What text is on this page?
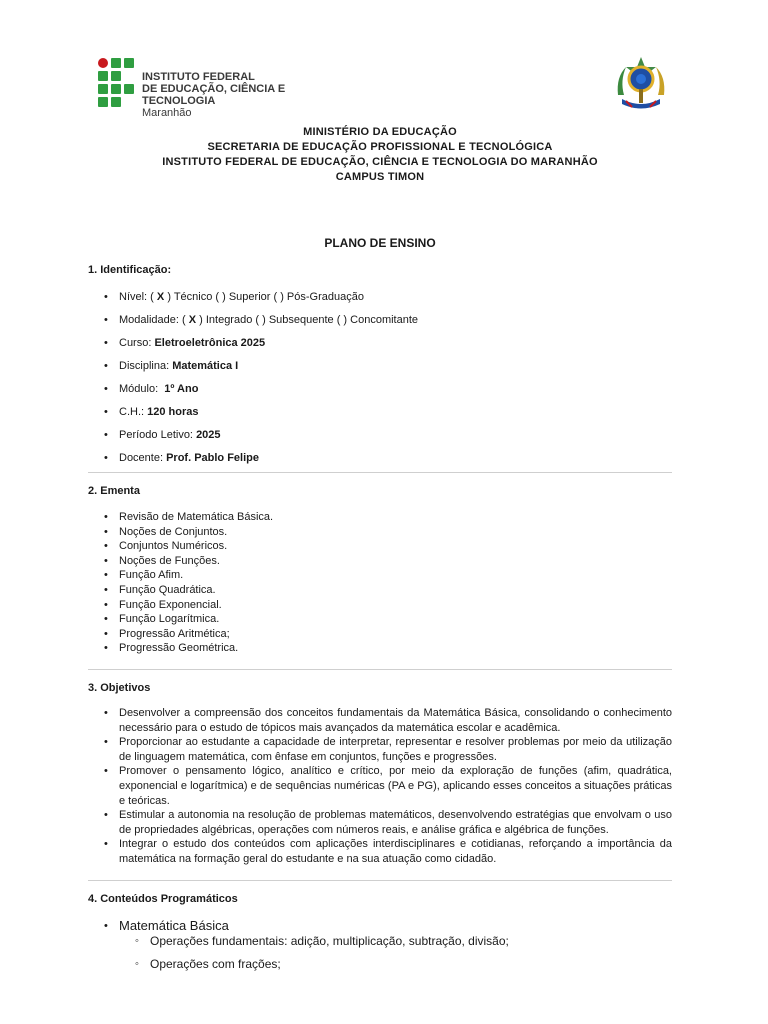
INSTITUTO FEDERAL
DE EDUCAÇÃO, CIÊNCIA E TECNOLOGIA
Maranhão
MINISTÉRIO DA EDUCAÇÃO
SECRETARIA DE EDUCAÇÃO PROFISSIONAL E TECNOLÓGICA
INSTITUTO FEDERAL DE EDUCAÇÃO, CIÊNCIA E TECNOLOGIA DO MARANHÃO
CAMPUS TIMON
PLANO DE ENSINO
1. Identificação:
• Nível: ( X ) Técnico ( ) Superior ( ) Pós-Graduação
• Modalidade: ( X ) Integrado ( ) Subsequente ( ) Concomitante
• Curso: Eletroeletrônica 2025
• Disciplina: Matemática I
• Módulo:  1º Ano
• C.H.: 120 horas
• Período Letivo: 2025
• Docente: Prof. Pablo Felipe
2. Ementa
• Revisão de Matemática Básica.
• Noções de Conjuntos.
• Conjuntos Numéricos.
• Noções de Funções.
• Função Afim.
• Função Quadrática.
• Função Exponencial.
• Função Logarítmica.
• Progressão Aritmética;
• Progressão Geométrica.
3. Objetivos
• Desenvolver a compreensão dos conceitos fundamentais da Matemática Básica, consolidando o conhecimento necessário para o estudo de tópicos mais avançados da matemática escolar e acadêmica.
• Proporcionar ao estudante a capacidade de interpretar, representar e resolver problemas por meio da utilização de linguagem matemática, com ênfase em conjuntos, funções e progressões.
• Promover o pensamento lógico, analítico e crítico, por meio da exploração de funções (afim, quadrática, exponencial e logarítmica) e de sequências numéricas (PA e PG), aplicando esses conceitos a situações práticas e teóricas.
• Estimular a autonomia na resolução de problemas matemáticos, desenvolvendo estratégias que envolvam o uso de propriedades algébricas, operações com números reais, e análise gráfica e algébrica de funções.
• Integrar o estudo dos conteúdos com aplicações interdisciplinares e cotidianas, reforçando a importância da matemática na formação geral do estudante e na sua atuação como cidadão.
4. Conteúdos Programáticos
• Matemática Básica
◦ Operações fundamentais: adição, multiplicação, subtração, divisão;
◦ Operações com frações;
